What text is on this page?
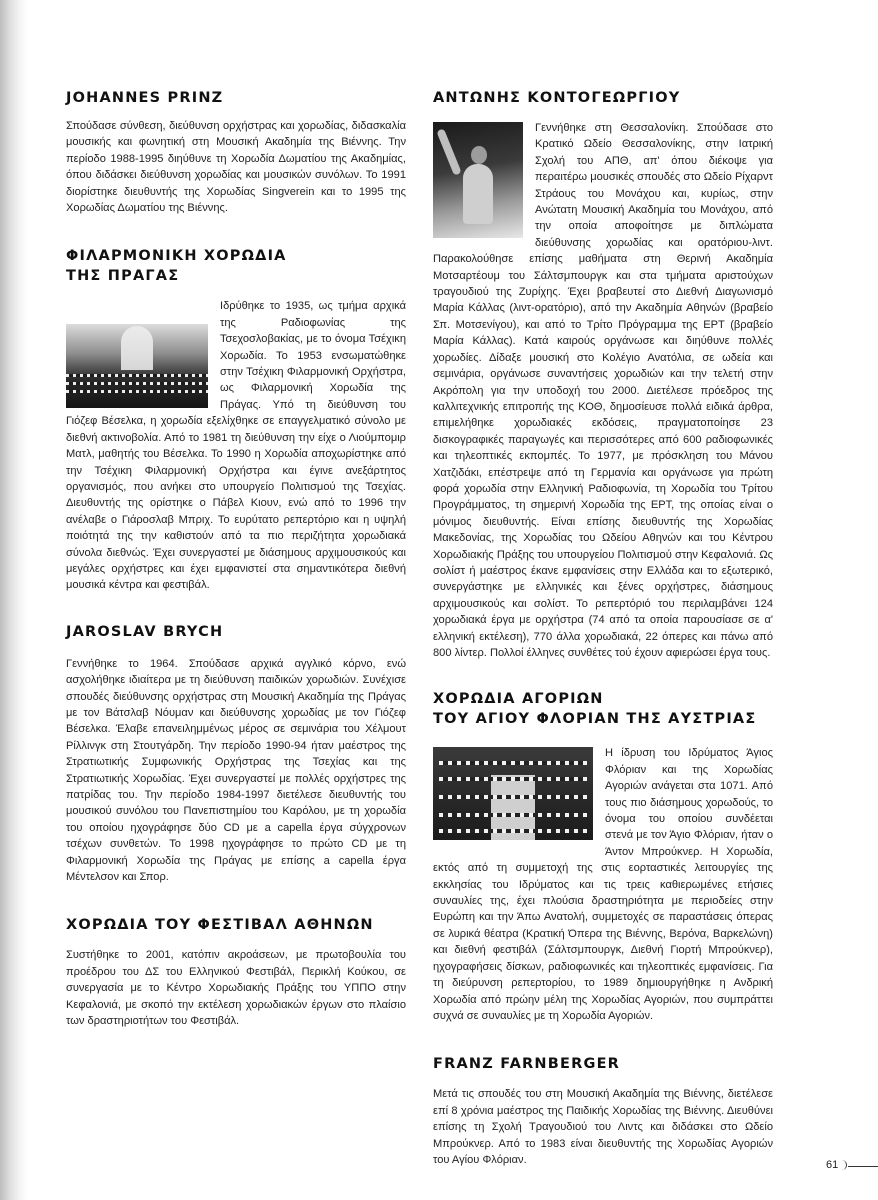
JOHANNES PRINZ

Σπούδασε σύνθεση, διεύθυνση ορχήστρας και χορωδίας, διδασκαλία μουσικής και φωνητική στη Μουσική Ακαδημία της Βιέννης. Την περίοδο 1988-1995 διηύθυνε τη Χορωδία Δωματίου της Ακαδημίας, όπου διδάσκει διεύθυνση χορωδίας και μουσικών συνόλων. Το 1991 διορίστηκε διευθυντής της Χορωδίας Singverein και το 1995 της Χορωδίας Δωματίου της Βιέννης.

ΦΙΛΑΡΜΟΝΙΚΗ ΧΟΡΩΔΙΑ
ΤΗΣ ΠΡΑΓΑΣ

Ιδρύθηκε το 1935, ως τμήμα αρχικά της Ραδιοφωνίας της Τσεχοσλοβακίας, με το όνομα Τσέχικη Χορωδία. Το 1953 ενσωματώθηκε στην Τσέχικη Φιλαρμονική Ορχήστρα, ως Φιλαρμονική Χορωδία της Πράγας. Υπό τη διεύθυνση του Γιόζεφ Βέσελκα, η χορωδία εξελίχθηκε σε επαγγελματικό σύνολο με διεθνή ακτινοβολία. Από το 1981 τη διεύθυνση την είχε ο Λιούμπομιρ Ματλ, μαθητής του Βέσελκα. Το 1990 η Χορωδία αποχωρίστηκε από την Τσέχικη Φιλαρμονική Ορχήστρα και έγινε ανεξάρτητος οργανισμός, που ανήκει στο υπουργείο Πολιτισμού της Τσεχίας. Διευθυντής της ορίστηκε ο Πάβελ Κιουν, ενώ από το 1996 την ανέλαβε ο Γιάροσλαβ Μπριχ. Το ευρύτατο ρεπερτόριο και η υψηλή ποιότητά της την καθιστούν από τα πιο περιζήτητα χορωδιακά σύνολα διεθνώς. Έχει συνεργαστεί με διάσημους αρχιμουσικούς και μεγάλες ορχήστρες και έχει εμφανιστεί στα σημαντικότερα διεθνή μουσικά κέντρα και φεστιβάλ.

JAROSLAV BRYCH

Γεννήθηκε το 1964. Σπούδασε αρχικά αγγλικό κόρνο, ενώ ασχολήθηκε ιδιαίτερα με τη διεύθυνση παιδικών χορωδιών. Συνέχισε σπουδές διεύθυνσης ορχήστρας στη Μουσική Ακαδημία της Πράγας με τον Βάτσλαβ Νόυμαν και διεύθυνσης χορωδίας με τον Γιόζεφ Βέσελκα. Έλαβε επανειλημμένως μέρος σε σεμινάρια του Χέλμουτ Ρίλλινγκ στη Στουτγάρδη. Την περίοδο 1990-94 ήταν μαέστρος της Στρατιωτικής Συμφωνικής Ορχήστρας της Τσεχίας και της Στρατιωτικής Χορωδίας. Έχει συνεργαστεί με πολλές ορχήστρες της πατρίδας του. Την περίοδο 1984-1997 διετέλεσε διευθυντής του μουσικού συνόλου του Πανεπιστημίου του Καρόλου, με τη χορωδία του οποίου ηχογράφησε δύο CD με a capella έργα σύγχρονων τσέχων συνθετών. Το 1998 ηχογράφησε το πρώτο CD με τη Φιλαρμονική Χορωδία της Πράγας με επίσης a capella έργα Μέντελσον και Σπορ.

ΧΟΡΩΔΙΑ ΤΟΥ ΦΕΣΤΙΒΑΛ ΑΘΗΝΩΝ

Συστήθηκε το 2001, κατόπιν ακροάσεων, με πρωτοβουλία του προέδρου του ΔΣ του Ελληνικού Φεστιβάλ, Περικλή Κούκου, σε συνεργασία με το Κέντρο Χορωδιακής Πράξης του ΥΠΠΟ στην Κεφαλονιά, με σκοπό την εκτέλεση χορωδιακών έργων στο πλαίσιο των δραστηριοτήτων του Φεστιβάλ.

ΑΝΤΩΝΗΣ ΚΟΝΤΟΓΕΩΡΓΙΟΥ

Γεννήθηκε στη Θεσσαλονίκη. Σπούδασε στο Κρατικό Ωδείο Θεσσαλονίκης, στην Ιατρική Σχολή του ΑΠΘ, απ' όπου διέκοψε για περαιτέρω μουσικές σπουδές στο Ωδείο Ρίχαρντ Στράους του Μονάχου και, κυρίως, στην Ανώτατη Μουσική Ακαδημία του Μονάχου, από την οποία αποφοίτησε με διπλώματα διεύθυνσης χορωδίας και ορατόριου-λιντ. Παρακολούθησε επίσης μαθήματα στη Θερινή Ακαδημία Μοτσαρτέουμ του Σάλτσμπουργκ και στα τμήματα αριστούχων τραγουδιού της Ζυρίχης. Έχει βραβευτεί στο Διεθνή Διαγωνισμό Μαρία Κάλλας (λιντ-ορατόριο), από την Ακαδημία Αθηνών (βραβείο Σπ. Μοτσενίγου), και από το Τρίτο Πρόγραμμα της ΕΡΤ (βραβείο Μαρία Κάλλας). Κατά καιρούς οργάνωσε και διηύθυνε πολλές χορωδίες. Δίδαξε μουσική στο Κολέγιο Ανατόλια, σε ωδεία και σεμινάρια, οργάνωσε συναντήσεις χορωδιών και την τελετή στην Ακρόπολη για την υποδοχή του 2000. Διετέλεσε πρόεδρος της καλλιτεχνικής επιτροπής της ΚΟΘ, δημοσίευσε πολλά ειδικά άρθρα, επιμελήθηκε χορωδιακές εκδόσεις, πραγματοποίησε 23 δισκογραφικές παραγωγές και περισσότερες από 600 ραδιοφωνικές και τηλεοπτικές εκπομπές. Το 1977, με πρόσκληση του Μάνου Χατζιδάκι, επέστρεψε από τη Γερμανία και οργάνωσε για πρώτη φορά χορωδία στην Ελληνική Ραδιοφωνία, τη Χορωδία του Τρίτου Προγράμματος, τη σημερινή Χορωδία της ΕΡΤ, της οποίας είναι ο μόνιμος διευθυντής. Είναι επίσης διευθυντής της Χορωδίας Μακεδονίας, της Χορωδίας του Ωδείου Αθηνών και του Κέντρου Χορωδιακής Πράξης του υπουργείου Πολιτισμού στην Κεφαλονιά. Ως σολίστ ή μαέστρος έκανε εμφανίσεις στην Ελλάδα και το εξωτερικό, συνεργάστηκε με ελληνικές και ξένες ορχήστρες, διάσημους αρχιμουσικούς και σολίστ. Το ρεπερτόριό του περιλαμβάνει 124 χορωδιακά έργα με ορχήστρα (74 από τα οποία παρουσίασε σε α' ελληνική εκτέλεση), 770 άλλα χορωδιακά, 22 όπερες και πάνω από 800 λίντερ. Πολλοί έλληνες συνθέτες τού έχουν αφιερώσει έργα τους.

ΧΟΡΩΔΙΑ ΑΓΟΡΙΩΝ
ΤΟΥ ΑΓΙΟΥ ΦΛΟΡΙΑΝ ΤΗΣ ΑΥΣΤΡΙΑΣ

Η ίδρυση του Ιδρύματος Άγιος Φλόριαν και της Χορωδίας Αγοριών ανάγεται στα 1071. Από τους πιο διάσημους χορωδούς, το όνομα του οποίου συνδέεται στενά με τον Άγιο Φλόριαν, ήταν ο Άντον Μπρούκνερ. Η Χορωδία, εκτός από τη συμμετοχή της στις εορταστικές λειτουργίες της εκκλησίας του Ιδρύματος και τις τρεις καθιερωμένες ετήσιες συναυλίες της, έχει πλούσια δραστηριότητα με περιοδείες στην Ευρώπη και την Άπω Ανατολή, συμμετοχές σε παραστάσεις όπερας σε λυρικά θέατρα (Κρατική Όπερα της Βιέννης, Βερόνα, Βαρκελώνη) και διεθνή φεστιβάλ (Σάλτσμπουργκ, Διεθνή Γιορτή Μπρούκνερ), ηχογραφήσεις δίσκων, ραδιοφωνικές και τηλεοπτικές εμφανίσεις. Για τη διεύρυνση ρεπερτορίου, το 1989 δημιουργήθηκε η Ανδρική Χορωδία από πρώην μέλη της Χορωδίας Αγοριών, που συμπράττει συχνά σε συναυλίες με τη Χορωδία Αγοριών.

FRANZ FARNBERGER

Μετά τις σπουδές του στη Μουσική Ακαδημία της Βιέννης, διετέλεσε επί 8 χρόνια μαέστρος της Παιδικής Χορωδίας της Βιέννης. Διευθύνει επίσης τη Σχολή Τραγουδιού του Λιντς και διδάσκει στο Ωδείο Μπρούκνερ. Από το 1983 είναι διευθυντής της Χορωδίας Αγοριών του Αγίου Φλόριαν.	61
